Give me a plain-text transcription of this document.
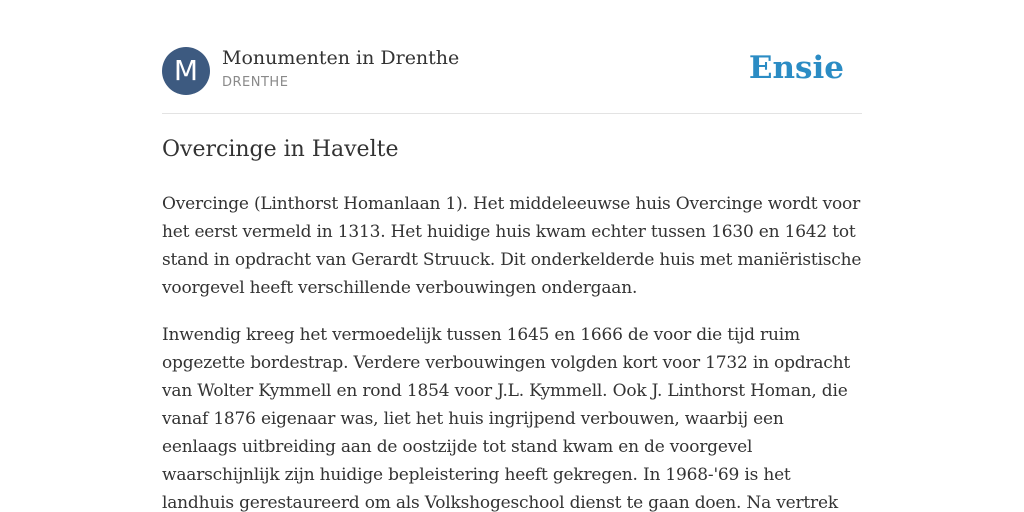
M	Monumenten in Drenthe
DRENTHE	Ensie
Overcinge in Havelte

Overcinge (Linthorst Homanlaan 1). Het middeleeuwse huis Overcinge wordt voor het eerst vermeld in 1313. Het huidige huis kwam echter tussen 1630 en 1642 tot stand in opdracht van Gerardt Struuck. Dit onderkelderde huis met maniëristische voorgevel heeft verschillende verbouwingen ondergaan.

Inwendig kreeg het vermoedelijk tussen 1645 en 1666 de voor die tijd ruim opgezette bordestrap. Verdere verbouwingen volgden kort voor 1732 in opdracht van Wolter Kymmell en rond 1854 voor J.L. Kymmell. Ook J. Linthorst Homan, die vanaf 1876 eigenaar was, liet het huis ingrijpend verbouwen, waarbij een eenlaags uitbreiding aan de oostzijde tot stand kwam en de voorgevel waarschijnlijk zijn huidige bepleistering heeft gekregen. In 1968-'69 is het landhuis gerestaureerd om als Volkshogeschool dienst te gaan doen. Na vertrek
